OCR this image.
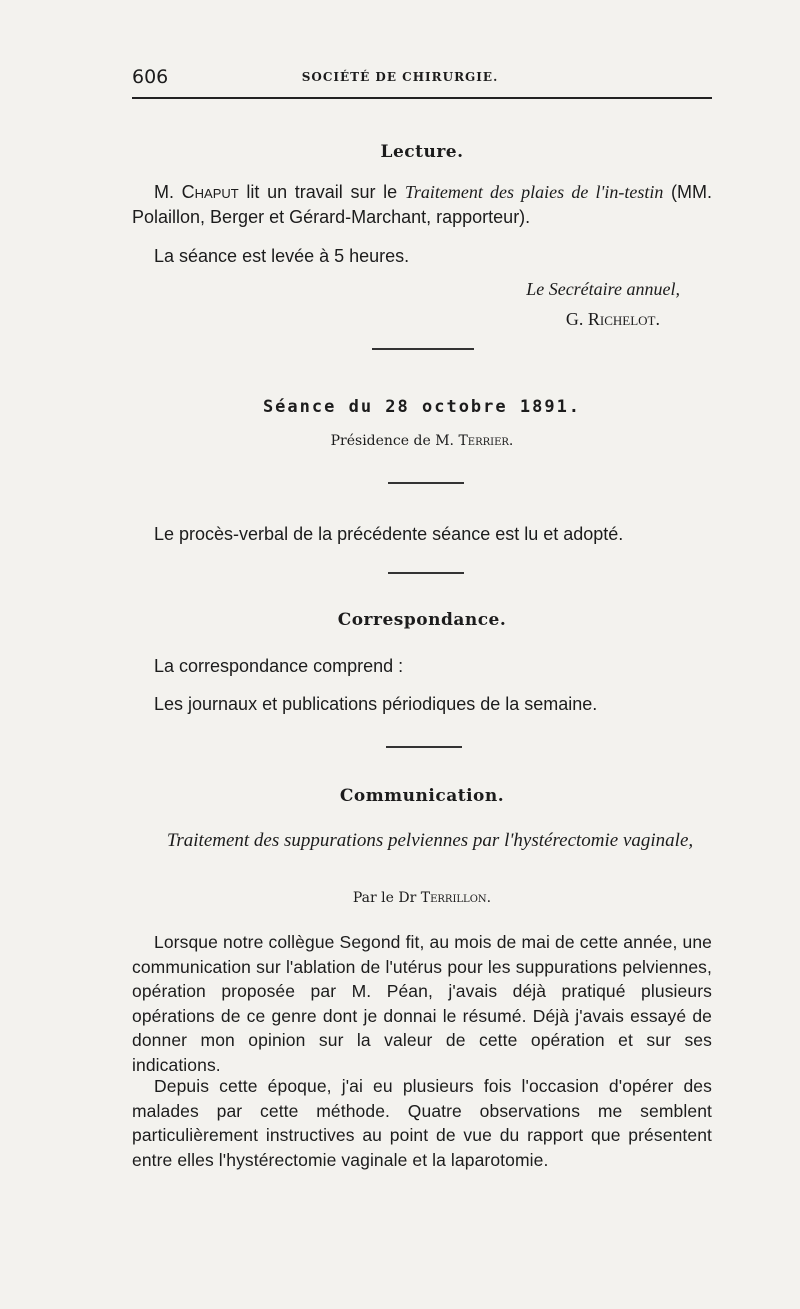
606	SOCIÉTÉ DE CHIRURGIE.
Lecture.
M. Chaput lit un travail sur le Traitement des plaies de l'in-testin (MM. Polaillon, Berger et Gérard-Marchant, rapporteur).
La séance est levée à 5 heures.
Le Secrétaire annuel,
G. Richelot.
Séance du 28 octobre 1891.
Présidence de M. Terrier.
Le procès-verbal de la précédente séance est lu et adopté.
Correspondance.
La correspondance comprend :
Les journaux et publications périodiques de la semaine.
Communication.
Traitement des suppurations pelviennes par l'hystérectomie vaginale,
Par le Dr Terrillon.
Lorsque notre collègue Segond fit, au mois de mai de cette année, une communication sur l'ablation de l'utérus pour les suppurations pelviennes, opération proposée par M. Péan, j'avais déjà pratiqué plusieurs opérations de ce genre dont je donnai le résumé. Déjà j'avais essayé de donner mon opinion sur la valeur de cette opération et sur ses indications.
Depuis cette époque, j'ai eu plusieurs fois l'occasion d'opérer des malades par cette méthode. Quatre observations me semblent particulièrement instructives au point de vue du rapport que présentent entre elles l'hystérectomie vaginale et la laparotomie.
